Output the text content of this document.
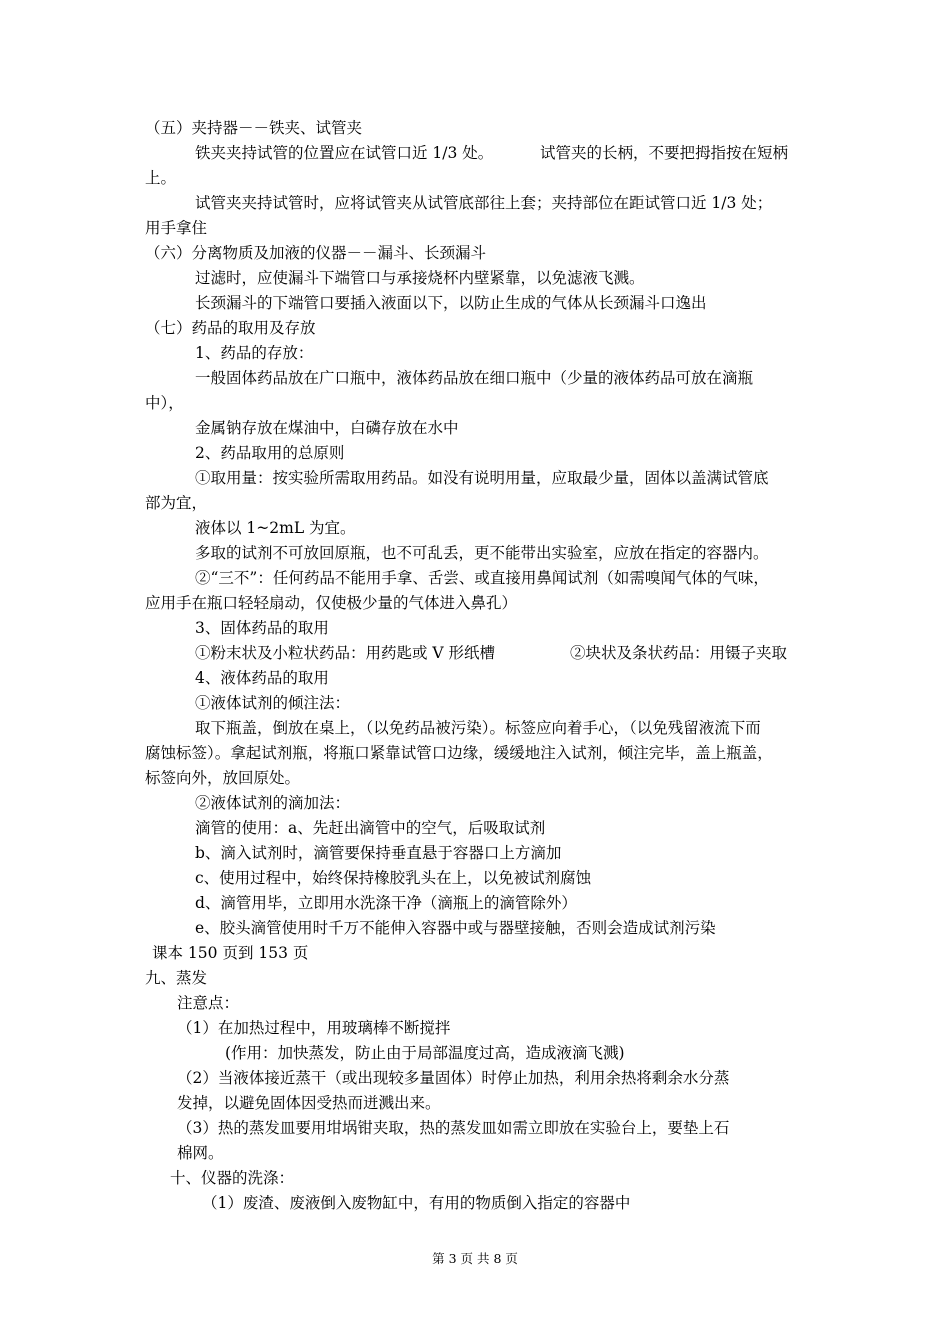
（五）夹持器－－铁夹、试管夹
铁夹夹持试管的位置应在试管口近 1/3 处。	试管夹的长柄，不要把拇指按在短柄
上。
试管夹夹持试管时，应将试管夹从试管底部往上套；夹持部位在距试管口近 1/3 处；
用手拿住
（六）分离物质及加液的仪器－－漏斗、长颈漏斗
过滤时，应使漏斗下端管口与承接烧杯内壁紧靠，以免滤液飞溅。
长颈漏斗的下端管口要插入液面以下，以防止生成的气体从长颈漏斗口逸出
（七）药品的取用及存放
1、药品的存放：
一般固体药品放在广口瓶中，液体药品放在细口瓶中（少量的液体药品可放在滴瓶
中），
金属钠存放在煤油中，白磷存放在水中
2、药品取用的总原则
①取用量：按实验所需取用药品。如没有说明用量，应取最少量，固体以盖满试管底
部为宜，
液体以 1~2mL 为宜。
多取的试剂不可放回原瓶，也不可乱丢，更不能带出实验室，应放在指定的容器内。
②“三不”：任何药品不能用手拿、舌尝、或直接用鼻闻试剂（如需嗅闻气体的气味，
应用手在瓶口轻轻扇动，仅使极少量的气体进入鼻孔）
3、固体药品的取用
①粉末状及小粒状药品：用药匙或 V 形纸槽	②块状及条状药品：用镊子夹取
4、液体药品的取用
①液体试剂的倾注法：
取下瓶盖，倒放在桌上，（以免药品被污染）。标签应向着手心，（以免残留液流下而
腐蚀标签）。拿起试剂瓶，将瓶口紧靠试管口边缘，缓缓地注入试剂，倾注完毕，盖上瓶盖，
标签向外，放回原处。
②液体试剂的滴加法：
滴管的使用：a、先赶出滴管中的空气，后吸取试剂
b、滴入试剂时，滴管要保持垂直悬于容器口上方滴加
c、使用过程中，始终保持橡胶乳头在上，以免被试剂腐蚀
d、滴管用毕，立即用水洗涤干净（滴瓶上的滴管除外）
e、胶头滴管使用时千万不能伸入容器中或与器壁接触，否则会造成试剂污染
课本 150 页到 153 页
九、蒸发
注意点：
（1）在加热过程中，用玻璃棒不断搅拌
(作用：加快蒸发，防止由于局部温度过高，造成液滴飞溅)
（2）当液体接近蒸干（或出现较多量固体）时停止加热，利用余热将剩余水分蒸
发掉，以避免固体因受热而迸溅出来。
（3）热的蒸发皿要用坩埚钳夹取，热的蒸发皿如需立即放在实验台上，要垫上石
棉网。
十、仪器的洗涤：
（1）废渣、废液倒入废物缸中，有用的物质倒入指定的容器中
第 3 页 共 8 页
